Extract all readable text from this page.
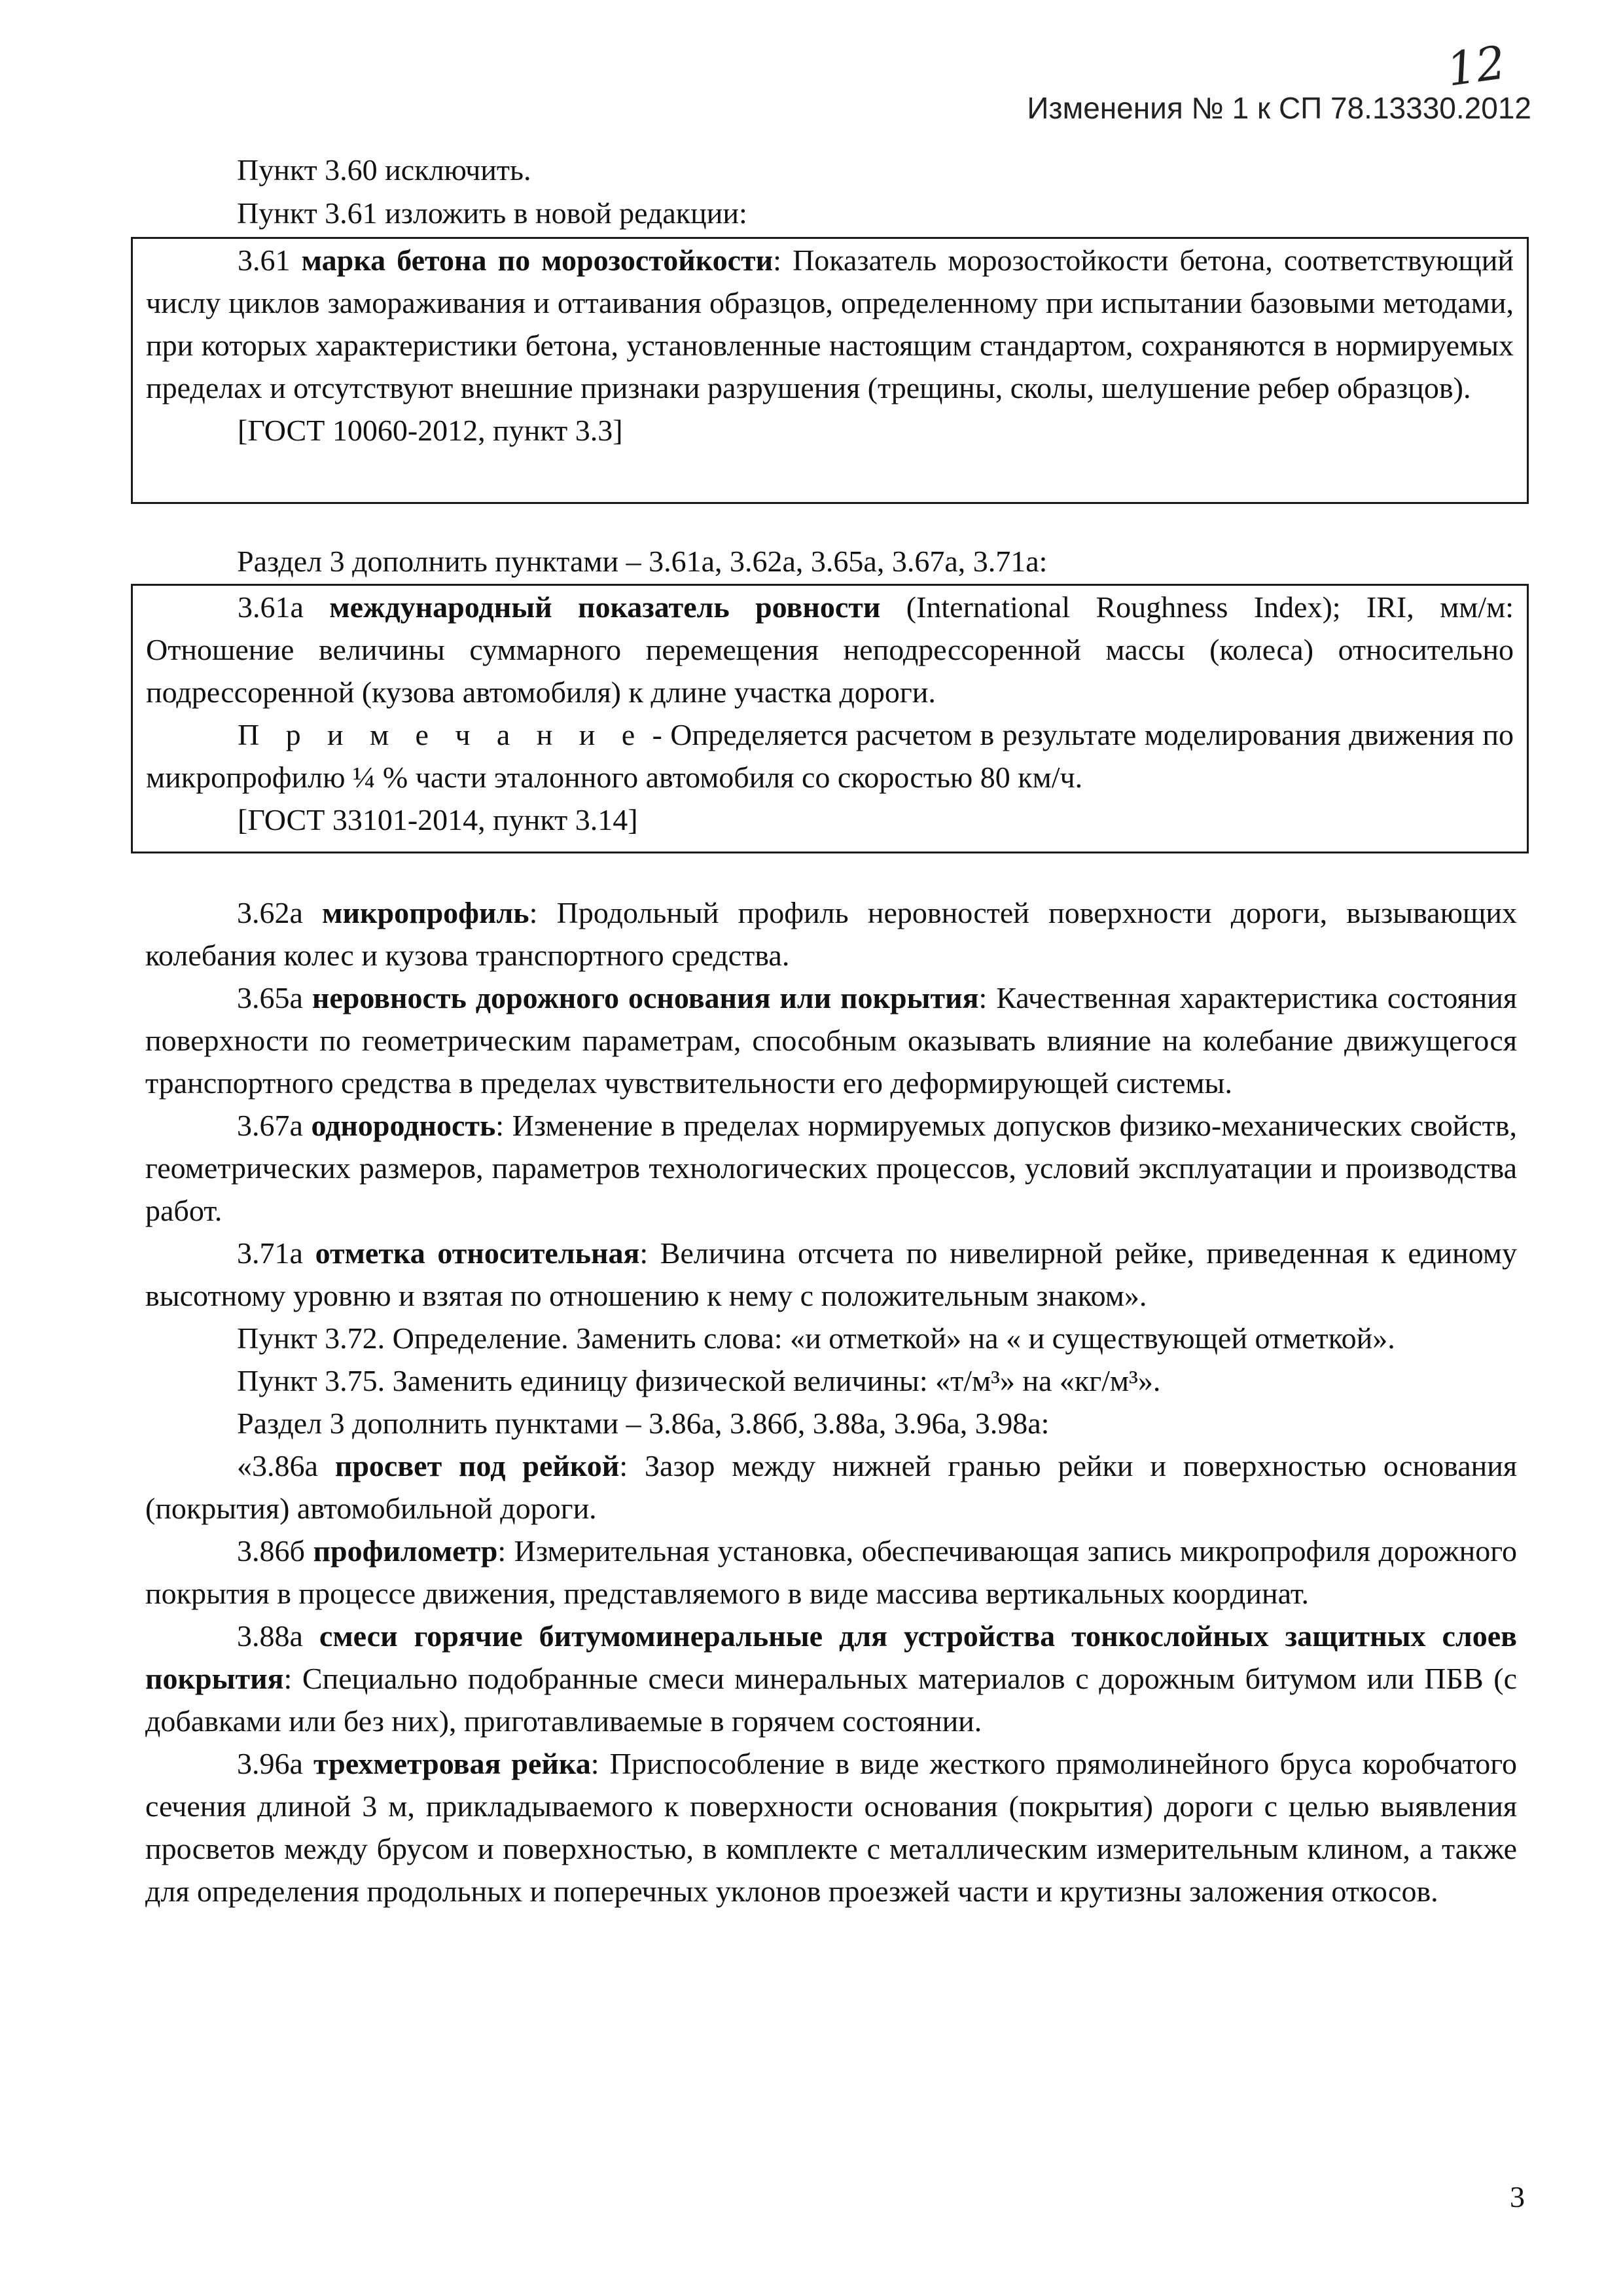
12
Изменения № 1 к СП 78.13330.2012
Пункт 3.60 исключить.
Пункт 3.61 изложить в новой редакции:

3.61 марка бетона по морозостойкости: Показатель морозостойкости бетона, соответствующий числу циклов замораживания и оттаивания образцов, определенному при испытании базовыми методами, при которых характеристики бетона, установленные настоящим стандартом, сохраняются в нормируемых пределах и отсутствуют внешние признаки разрушения (трещины, сколы, шелушение ребер образцов).

[ГОСТ 10060-2012, пункт 3.3]

Раздел 3 дополнить пунктами – 3.61а, 3.62а, 3.65а, 3.67а, 3.71а:

3.61а международный показатель ровности (International Roughness Index); IRI, мм/м: Отношение величины суммарного перемещения неподрессоренной массы (колеса) относительно подрессоренной (кузова автомобиля) к длине участка дороги.

П р и м е ч а н и е - Определяется расчетом в результате моделирования движения по микропрофилю ¼ % части эталонного автомобиля со скоростью 80 км/ч.

[ГОСТ 33101-2014, пункт 3.14]

3.62а микропрофиль: Продольный профиль неровностей поверхности дороги, вызывающих колебания колес и кузова транспортного средства.

3.65а неровность дорожного основания или покрытия: Качественная характеристика состояния поверхности по геометрическим параметрам, способным оказывать влияние на колебание движущегося транспортного средства в пределах чувствительности его деформирующей системы.

3.67а однородность: Изменение в пределах нормируемых допусков физико-механических свойств, геометрических размеров, параметров технологических процессов, условий эксплуатации и производства работ.

3.71а отметка относительная: Величина отсчета по нивелирной рейке, приведенная к единому высотному уровню и взятая по отношению к нему с положительным знаком».

Пункт 3.72. Определение. Заменить слова: «и отметкой» на « и существующей отметкой».

Пункт 3.75. Заменить единицу физической величины: «т/м³» на «кг/м³».

Раздел 3 дополнить пунктами – 3.86а, 3.86б, 3.88а, 3.96а, 3.98а:

«3.86а просвет под рейкой: Зазор между нижней гранью рейки и поверхностью основания (покрытия) автомобильной дороги.

3.86б профилометр: Измерительная установка, обеспечивающая запись микропрофиля дорожного покрытия в процессе движения, представляемого в виде массива вертикальных координат.

3.88а смеси горячие битумоминеральные для устройства тонкослойных защитных слоев покрытия: Специально подобранные смеси минеральных материалов с дорожным битумом или ПБВ (с добавками или без них), приготавливаемые в горячем состоянии.

3.96а трехметровая рейка: Приспособление в виде жесткого прямолинейного бруса коробчатого сечения длиной 3 м, прикладываемого к поверхности основания (покрытия) дороги с целью выявления просветов между брусом и поверхностью, в комплекте с металлическим измерительным клином, а также для определения продольных и поперечных уклонов проезжей части и крутизны заложения откосов.

3
